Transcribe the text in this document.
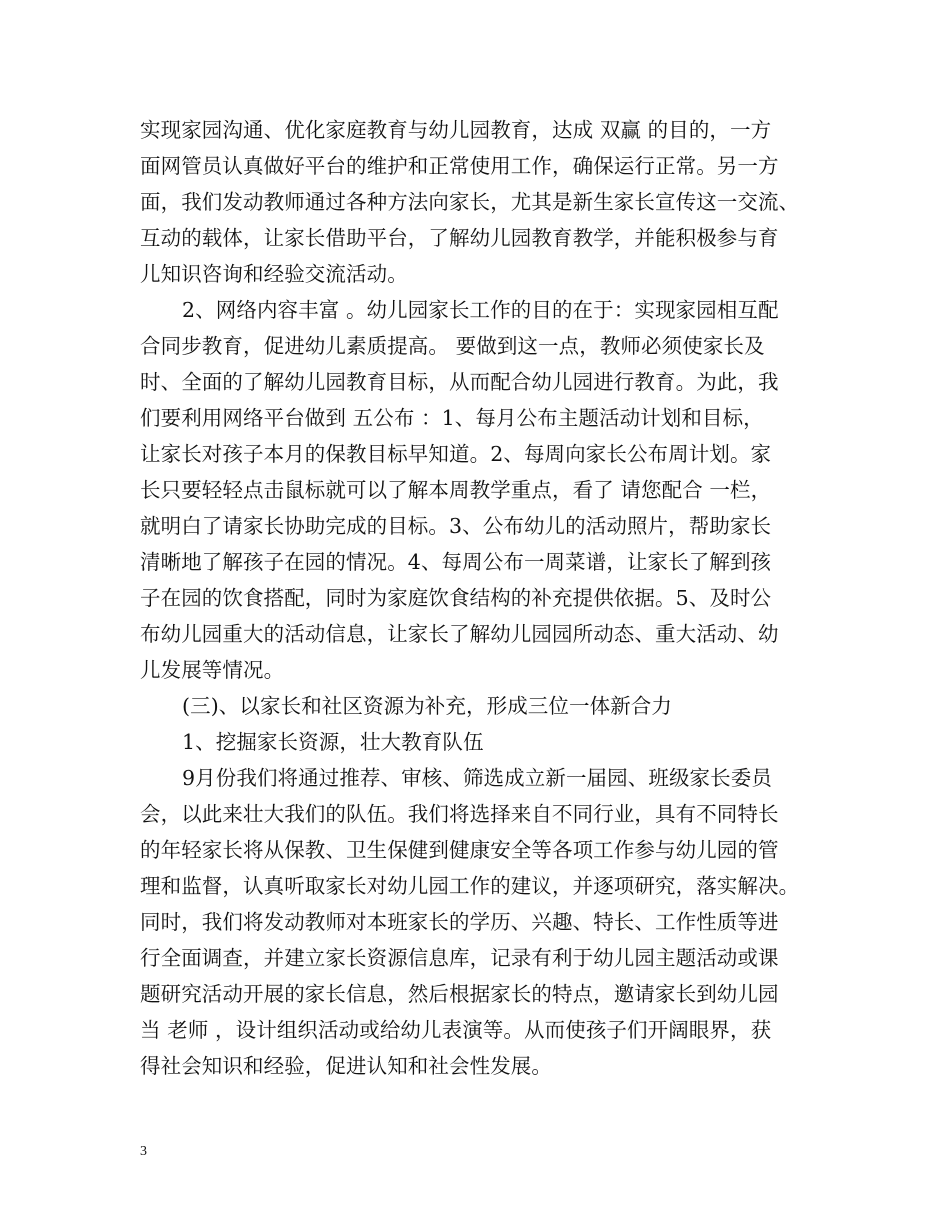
实现家园沟通、优化家庭教育与幼儿园教育，达成 双赢 的目的，一方
面网管员认真做好平台的维护和正常使用工作，确保运行正常。另一方
面，我们发动教师通过各种方法向家长，尤其是新生家长宣传这一交流、
互动的载体，让家长借助平台，了解幼儿园教育教学，并能积极参与育
儿知识咨询和经验交流活动。
2、网络内容丰富 。幼儿园家长工作的目的在于：实现家园相互配
合同步教育，促进幼儿素质提高。 要做到这一点，教师必须使家长及
时、全面的了解幼儿园教育目标，从而配合幼儿园进行教育。为此，我
们要利用网络平台做到 五公布 ：1、每月公布主题活动计划和目标，
让家长对孩子本月的保教目标早知道。2、每周向家长公布周计划。家
长只要轻轻点击鼠标就可以了解本周教学重点，看了 请您配合 一栏，
就明白了请家长协助完成的目标。3、公布幼儿的活动照片，帮助家长
清晰地了解孩子在园的情况。4、每周公布一周菜谱，让家长了解到孩
子在园的饮食搭配，同时为家庭饮食结构的补充提供依据。5、及时公
布幼儿园重大的活动信息，让家长了解幼儿园园所动态、重大活动、幼
儿发展等情况。
(三)、以家长和社区资源为补充，形成三位一体新合力
1、挖掘家长资源，壮大教育队伍
9月份我们将通过推荐、审核、筛选成立新一届园、班级家长委员
会，以此来壮大我们的队伍。我们将选择来自不同行业，具有不同特长
的年轻家长将从保教、卫生保健到健康安全等各项工作参与幼儿园的管
理和监督，认真听取家长对幼儿园工作的建议，并逐项研究，落实解决。
同时，我们将发动教师对本班家长的学历、兴趣、特长、工作性质等进
行全面调查，并建立家长资源信息库，记录有利于幼儿园主题活动或课
题研究活动开展的家长信息，然后根据家长的特点，邀请家长到幼儿园
当 老师 ，设计组织活动或给幼儿表演等。从而使孩子们开阔眼界，获
得社会知识和经验，促进认知和社会性发展。
3
